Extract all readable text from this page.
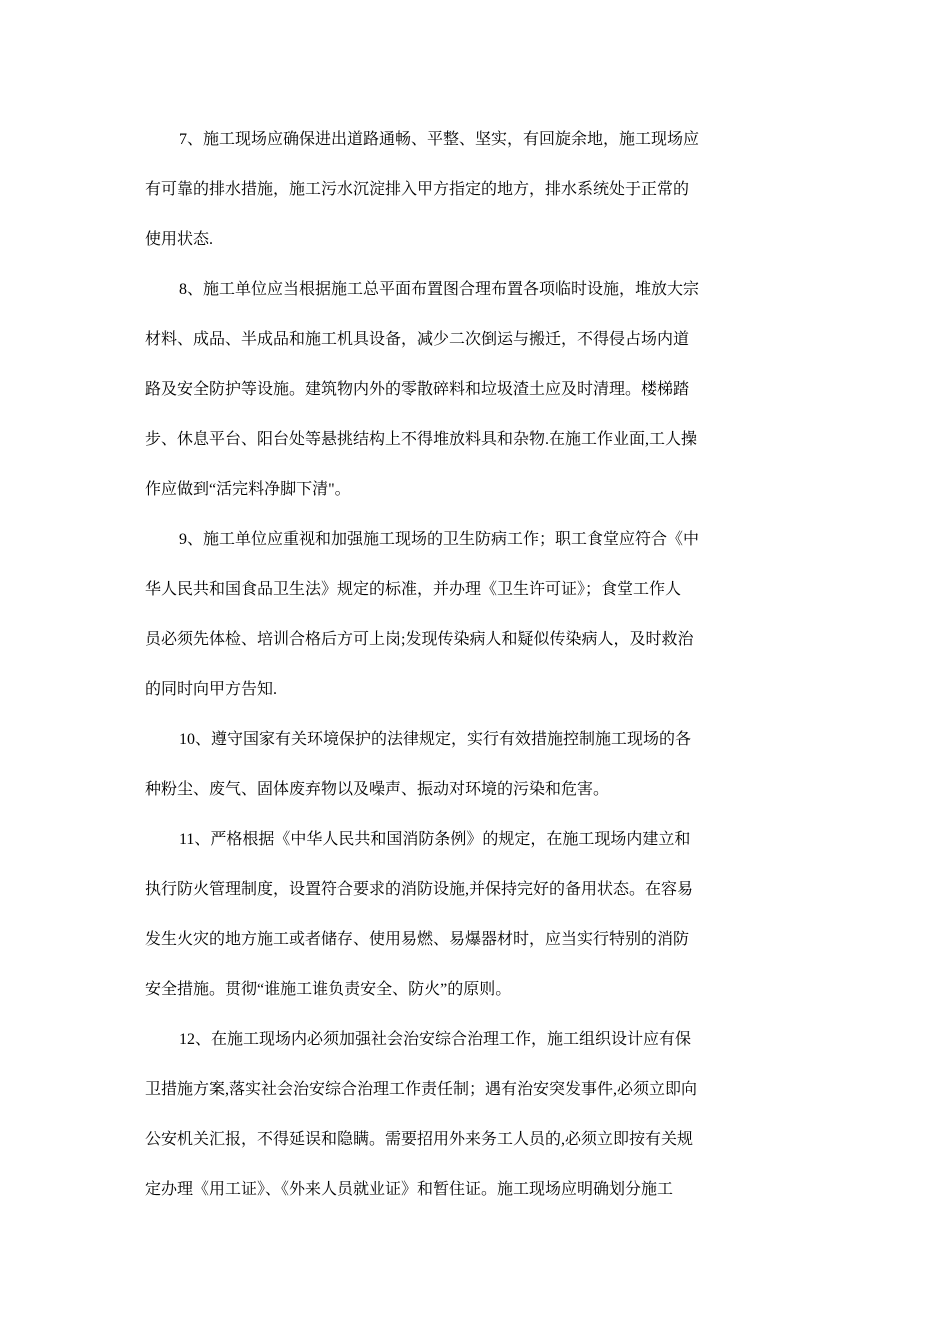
7、施工现场应确保进出道路通畅、平整、坚实，有回旋余地，施工现场应
有可靠的排水措施，施工污水沉淀排入甲方指定的地方，排水系统处于正常的
使用状态.
8、施工单位应当根据施工总平面布置图合理布置各项临时设施，堆放大宗
材料、成品、半成品和施工机具设备，减少二次倒运与搬迁，不得侵占场内道
路及安全防护等设施。建筑物内外的零散碎料和垃圾渣土应及时清理。楼梯踏
步、休息平台、阳台处等悬挑结构上不得堆放料具和杂物.在施工作业面,工人操
作应做到“活完料净脚下清"。
9、施工单位应重视和加强施工现场的卫生防病工作；职工食堂应符合《中
华人民共和国食品卫生法》规定的标准，并办理《卫生许可证》；食堂工作人
员必须先体检、培训合格后方可上岗;发现传染病人和疑似传染病人，及时救治
的同时向甲方告知.
10、遵守国家有关环境保护的法律规定，实行有效措施控制施工现场的各
种粉尘、废气、固体废弃物以及噪声、振动对环境的污染和危害。
11、严格根据《中华人民共和国消防条例》的规定，在施工现场内建立和
执行防火管理制度，设置符合要求的消防设施,并保持完好的备用状态。在容易
发生火灾的地方施工或者储存、使用易燃、易爆器材时，应当实行特别的消防
安全措施。贯彻“谁施工谁负责安全、防火”的原则。
12、在施工现场内必须加强社会治安综合治理工作，施工组织设计应有保
卫措施方案,落实社会治安综合治理工作责任制；遇有治安突发事件,必须立即向
公安机关汇报，不得延误和隐瞒。需要招用外来务工人员的,必须立即按有关规
定办理《用工证》、《外来人员就业证》和暂住证。施工现场应明确划分施工
